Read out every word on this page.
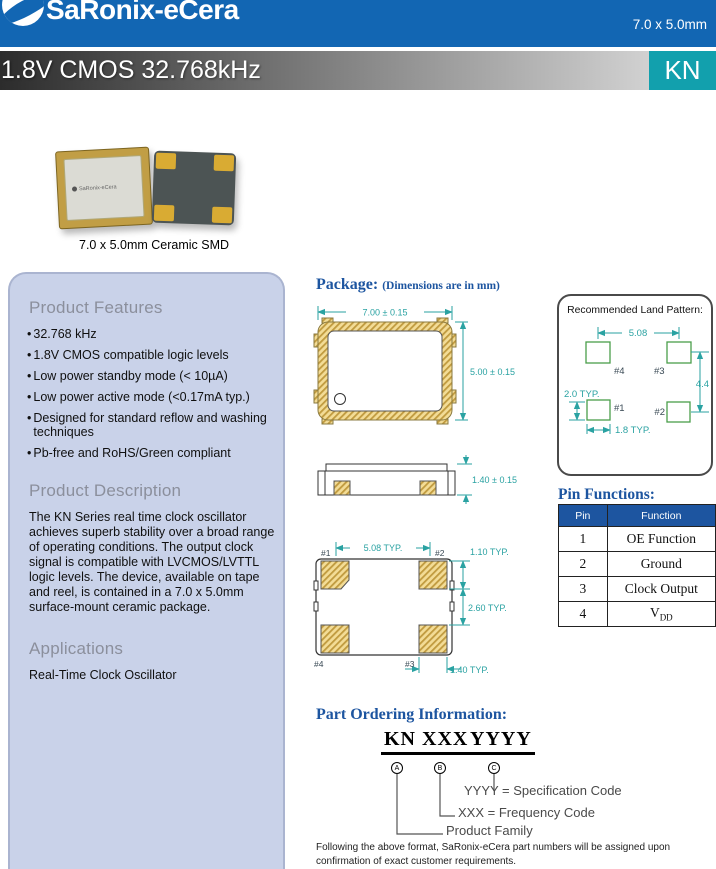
SaRonix-eCera	7.0 x 5.0mm
1.8V CMOS 32.768kHz	KN
SaRonix-eCera
7.0 x 5.0mm Ceramic SMD
Product Features
• 32.768 kHz
• 1.8V CMOS compatible logic levels
• Low power standby mode (< 10µA)
• Low power active mode (<0.17mA typ.)
• Designed for standard reflow and washing techniques
• Pb-free and RoHS/Green compliant
Product Description

The KN Series real time clock oscillator achieves superb stability over a broad range of operating conditions. The output clock signal is compatible with LVCMOS/LVTTL logic levels. The device, available on tape and reel, is contained in a 7.0 x 5.0mm surface-mount ceramic package.

Applications

Real-Time Clock Oscillator

Package: (Dimensions are in mm)
7.00 ± 0.15
5.00 ± 0.15
1.40 ± 0.15
5.08 TYP.	1.10 TYP.
2.60 TYP.
1.40 TYP.
#1	#2
#4	#3
Recommended Land Pattern:
5.08
4.4
2.0 TYP.
1.8 TYP.
#4	#3
#1	#2
Pin Functions:
Pin	Function
1	OE Function
2	Ground
3	Clock Output
4	$V_{DD}$
Part Ordering Information:
KN XXX YYYY
A	B	C
YYYY = Specification Code
XXX = Frequency Code
Product Family
Following the above format, SaRonix-eCera part numbers will be assigned upon confirmation of exact customer requirements.
